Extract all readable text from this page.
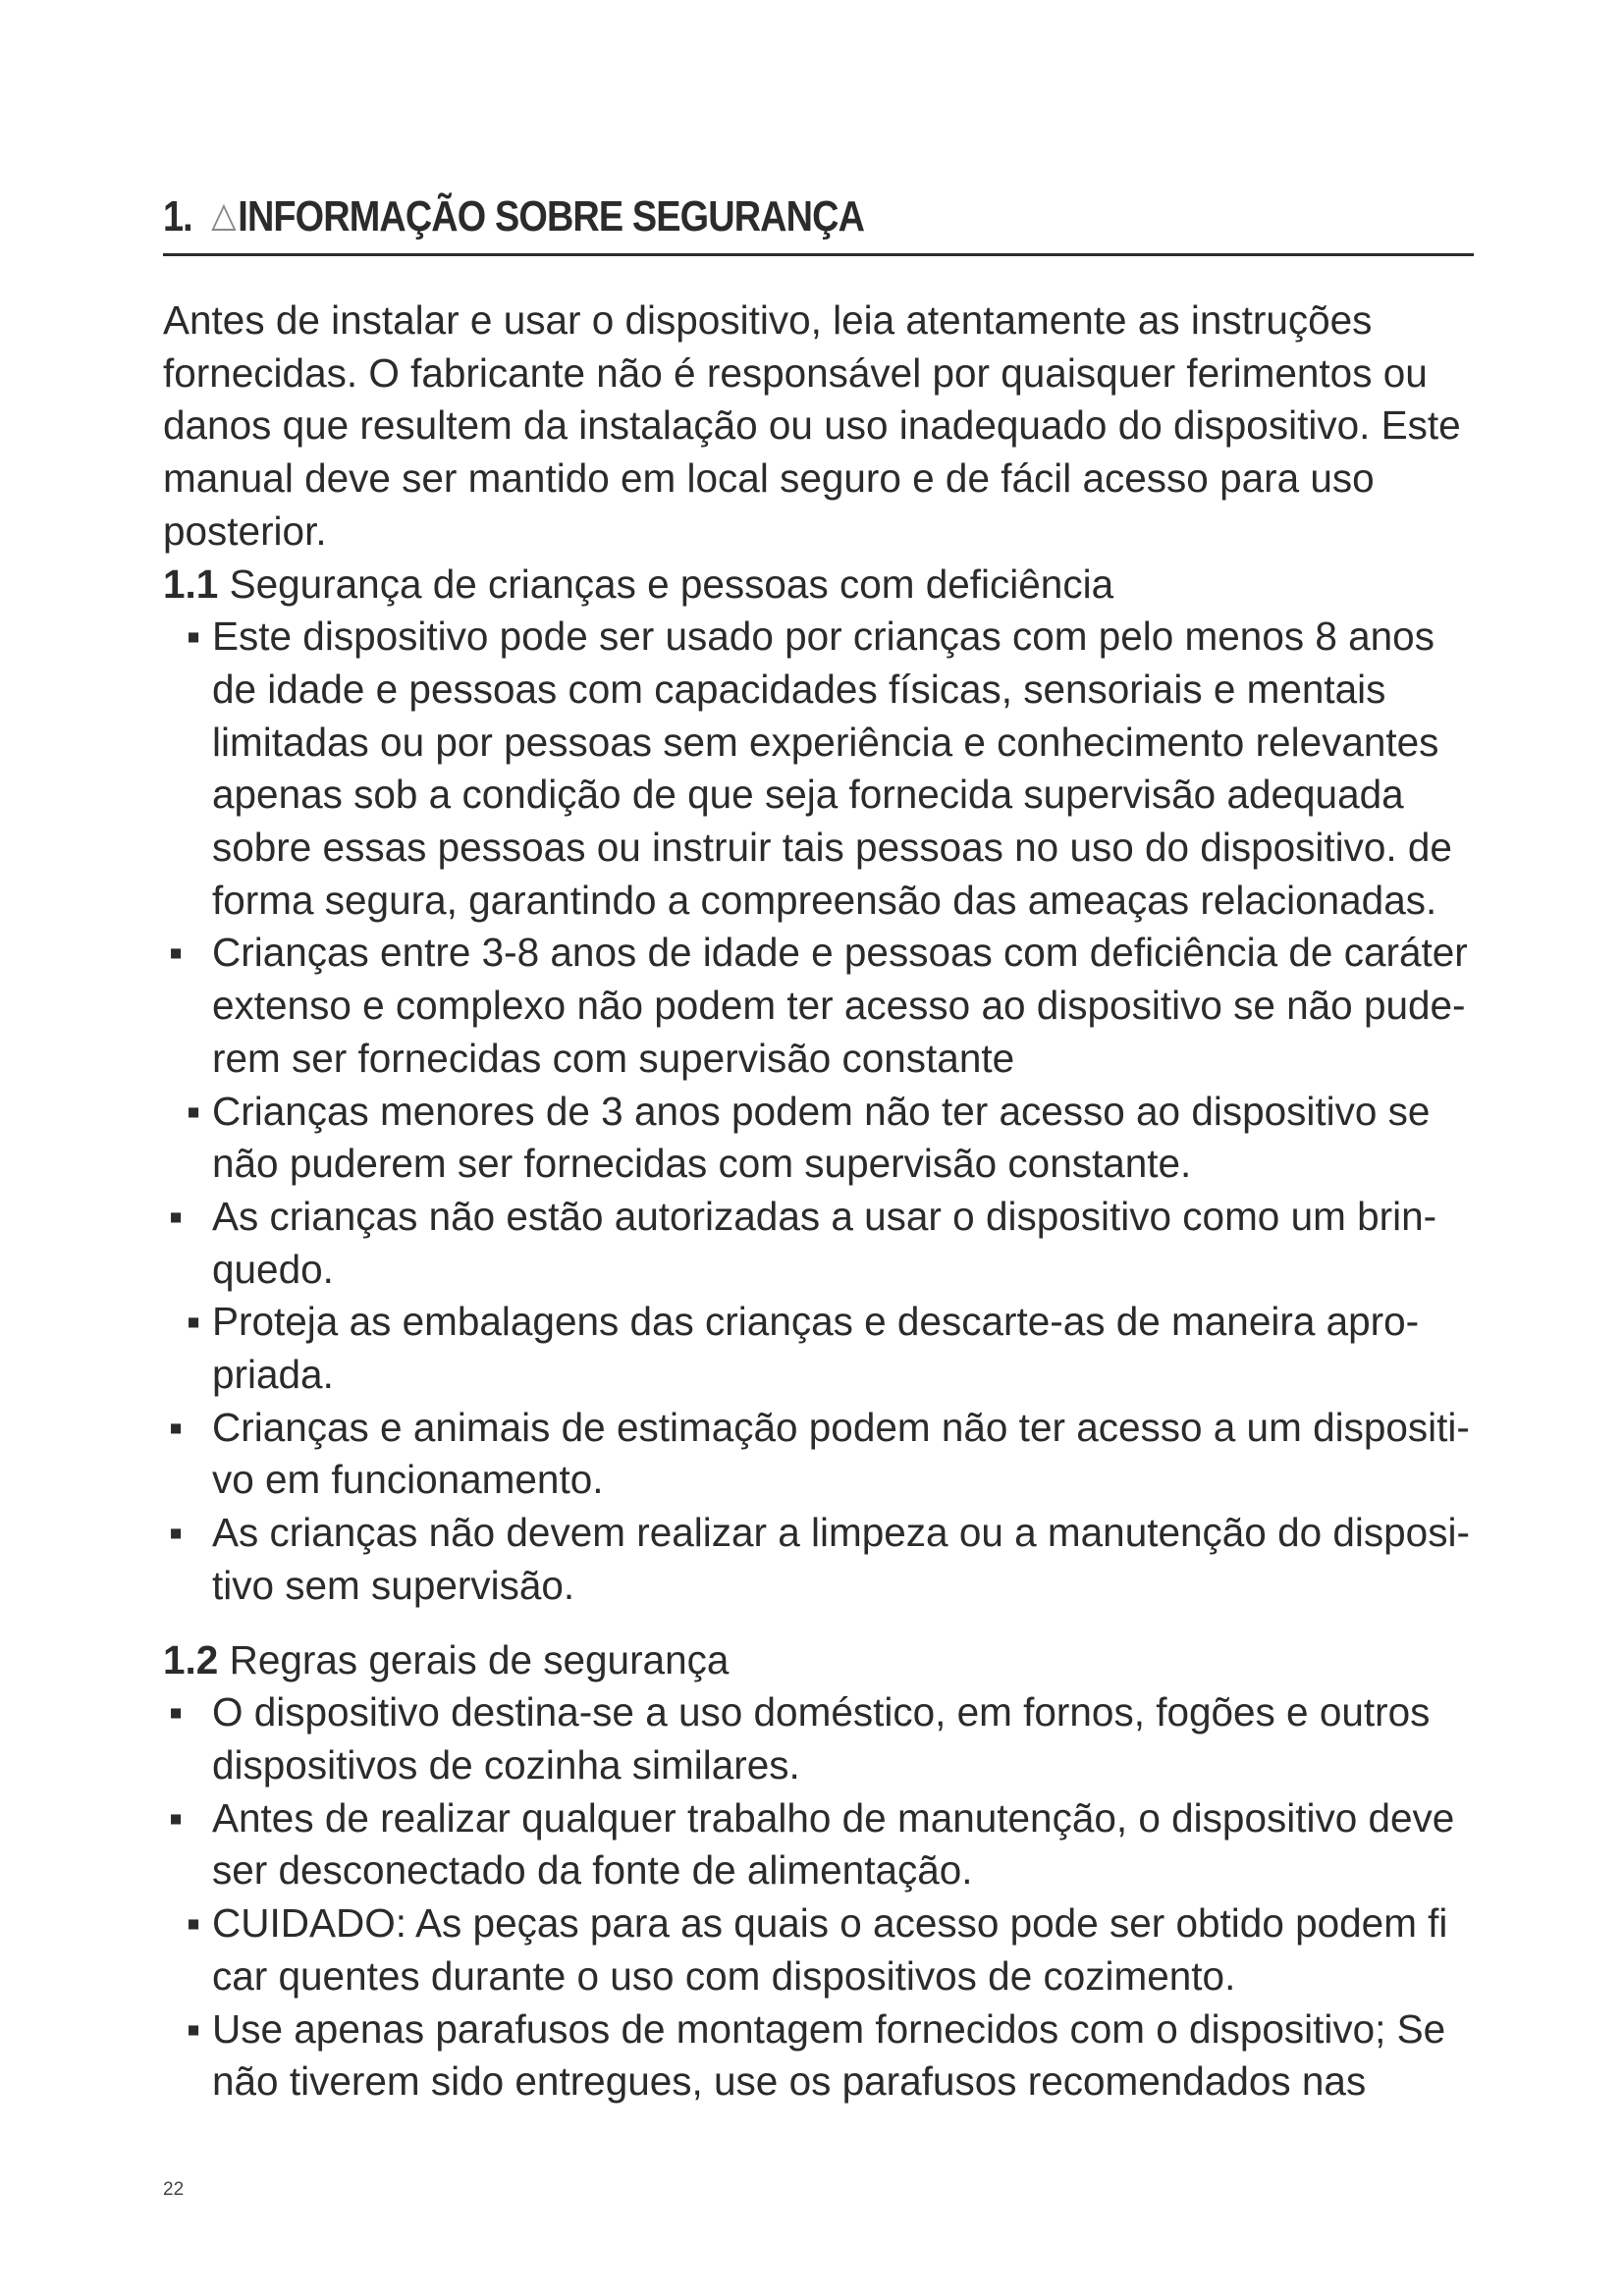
1. INFORMAÇÃO SOBRE SEGURANÇA

Antes de instalar e usar o dispositivo, leia atentamente as instruções fornecidas. O fabricante não é responsável por quaisquer ferimentos ou danos que resultem da instalação ou uso inadequado do dispositivo. Este manual deve ser mantido em local seguro e de fácil acesso para uso posterior.

1.1 Segurança de crianças e pessoas com deficiência

▪ Este dispositivo pode ser usado por crianças com pelo menos 8 anos de idade e pessoas com capacidades físicas, sensoriais e mentais limitadas ou por pessoas sem experiência e conhecimento relevantes apenas sob a condição de que seja fornecida supervisão adequada sobre essas pessoas ou instruir tais pessoas no uso do dispositivo. de forma segura, garantindo a compreensão das ameaças relacionadas.
▪ Crianças entre 3-8 anos de idade e pessoas com deficiência de caráter extenso e complexo não podem ter acesso ao dispositivo se não pude-rem ser fornecidas com supervisão constante
▪ Crianças menores de 3 anos podem não ter acesso ao dispositivo se não puderem ser fornecidas com supervisão constante.
▪ As crianças não estão autorizadas a usar o dispositivo como um brin-quedo.
▪ Proteja as embalagens das crianças e descarte-as de maneira apro-priada.
▪ Crianças e animais de estimação podem não ter acesso a um dispositi-vo em funcionamento.
▪ As crianças não devem realizar a limpeza ou a manutenção do disposi-tivo sem supervisão.

1.2 Regras gerais de segurança

▪ O dispositivo destina-se a uso doméstico, em fornos, fogões e outros dispositivos de cozinha similares.
▪ Antes de realizar qualquer trabalho de manutenção, o dispositivo deve ser desconectado da fonte de alimentação.
▪ CUIDADO: As peças para as quais o acesso pode ser obtido podem fi car quentes durante o uso com dispositivos de cozimento.
▪ Use apenas parafusos de montagem fornecidos com o dispositivo; Se não tiverem sido entregues, use os parafusos recomendados nas
22
